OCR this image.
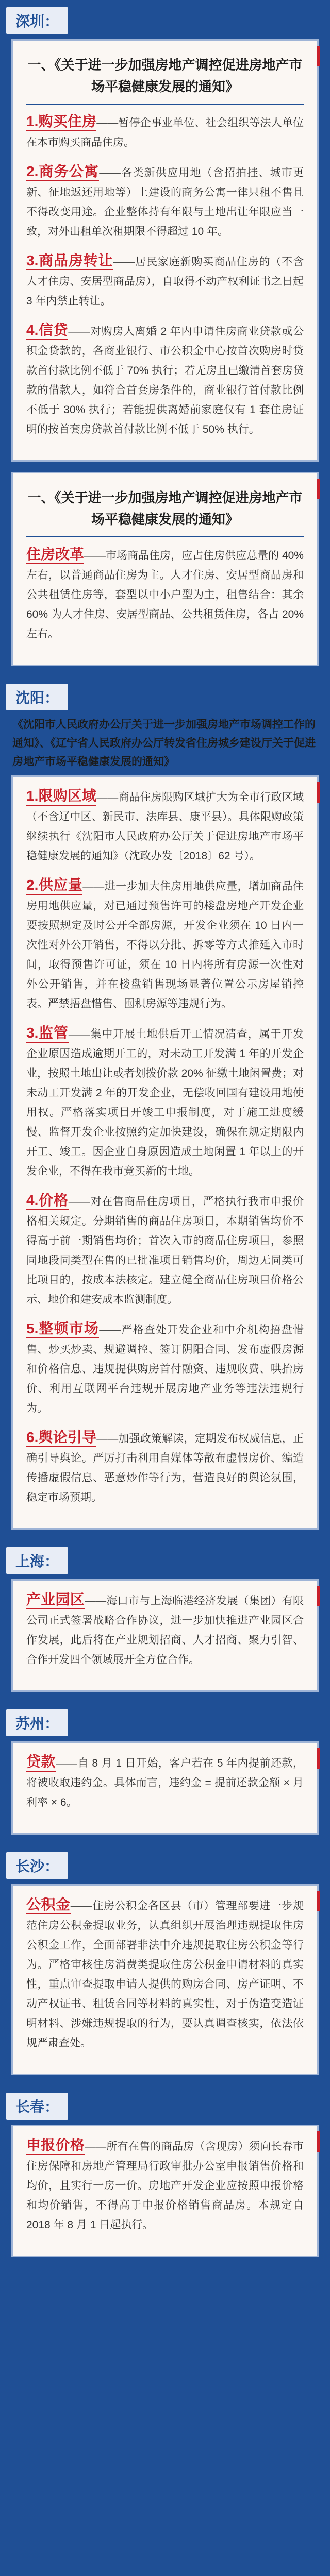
深圳：
一、《关于进一步加强房地产调控促进房地产市场平稳健康发展的通知》
1.购买住房——暂停企事业单位、社会组织等法人单位在本市购买商品住房。
2.商务公寓——各类新供应用地（含招拍挂、城市更新、征地返还用地等）上建设的商务公寓一律只租不售且不得改变用途。企业整体持有年限与土地出让年限应当一致，对外出租单次租期限不得超过 10 年。
3.商品房转让——居民家庭新购买商品住房的（不含人才住房、安居型商品房），自取得不动产权利证书之日起 3 年内禁止转让。
4.信贷——对购房人离婚 2 年内申请住房商业贷款或公积金贷款的，各商业银行、市公积金中心按首次购房时贷款首付款比例不低于 70% 执行；若无房且已缴清首套房贷款的借款人，如符合首套房条件的，商业银行首付款比例不低于 30% 执行；若能提供离婚前家庭仅有 1 套住房证明的按首套房贷款首付款比例不低于 50% 执行。
一、《关于进一步加强房地产调控促进房地产市场平稳健康发展的通知》
住房改革——市场商品住房，应占住房供应总量的 40% 左右，以普通商品住房为主。人才住房、安居型商品房和公共租赁住房等，套型以中小户型为主，租售结合：其余 60% 为人才住房、安居型商品、公共租赁住房，各占 20% 左右。
沈阳：
《沈阳市人民政府办公厅关于进一步加强房地产市场调控工作的通知》、《辽宁省人民政府办公厅转发省住房城乡建设厅关于促进房地产市场平稳健康发展的通知》
1.限购区域——商品住房限购区域扩大为全市行政区域（不含辽中区、新民市、法库县、康平县）。具体限购政策继续执行《沈阳市人民政府办公厅关于促进房地产市场平稳健康发展的通知》（沈政办发〔2018〕62 号）。
2.供应量——进一步加大住房用地供应量，增加商品住房用地供应量，对已通过预售许可的楼盘房地产开发企业要按照规定及时公开全部房源，开发企业须在 10 日内一次性对外公开销售，不得以分批、拆零等方式推延入市时间，取得预售许可证，须在 10 日内将所有房源一次性对外公开销售，并在楼盘销售现场显著位置公示房屋销控表。严禁捂盘惜售、囤积房源等违规行为。
3.监管——集中开展土地供后开工情况清查，属于开发企业原因造成逾期开工的，对未动工开发满 1 年的开发企业，按照土地出让或者划拨价款 20% 征缴土地闲置费；对未动工开发满 2 年的开发企业，无偿收回国有建设用地使用权。严格落实项目开竣工申报制度，对于施工进度缓慢、监督开发企业按照约定加快建设，确保在规定期限内开工、竣工。因企业自身原因造成土地闲置 1 年以上的开发企业，不得在我市竞买新的土地。
4.价格——对在售商品住房项目，严格执行我市申报价格相关规定。分期销售的商品住房项目，本期销售均价不得高于前一期销售均价；首次入市的商品住房项目，参照同地段同类型在售的已批准项目销售均价，周边无同类可比项目的，按成本法核定。建立健全商品住房项目价格公示、地价和建安成本监测制度。
5.整顿市场——严格查处开发企业和中介机构捂盘惜售、炒买炒卖、规避调控、签订阴阳合同、发布虚假房源和价格信息、违规提供购房首付融资、违规收费、哄抬房价、利用互联网平台违规开展房地产业务等违法违规行为。
6.舆论引导——加强政策解读，定期发布权威信息，正确引导舆论。严厉打击利用自媒体等散布虚假房价、编造传播虚假信息、恶意炒作等行为，营造良好的舆论氛围，稳定市场预期。
上海：
产业园区——海口市与上海临港经济发展（集团）有限公司正式签署战略合作协议，进一步加快推进产业园区合作发展，此后将在产业规划招商、人才招商、聚力引智、合作开发四个领域展开全方位合作。
苏州：
贷款——自 8 月 1 日开始，客户若在 5 年内提前还款，将被收取违约金。具体而言，违约金 = 提前还款金额 × 月利率 × 6。
长沙：
公积金——住房公积金各区县（市）管理部要进一步规范住房公积金提取业务，认真组织开展治理违规提取住房公积金工作，全面部署非法中介违规提取住房公积金等行为。严格审核住房消费类提取住房公积金申请材料的真实性，重点审查提取申请人提供的购房合同、房产证明、不动产权证书、租赁合同等材料的真实性，对于伪造变造证明材料、涉嫌违规提取的行为，要认真调查核实，依法依规严肃查处。
长春：
申报价格——所有在售的商品房（含现房）须向长春市住房保障和房地产管理局行政审批办公室申报销售价格和均价，且实行一房一价。房地产开发企业应按照申报价格和均价销售，不得高于申报价格销售商品房。本规定自 2018 年 8 月 1 日起执行。
